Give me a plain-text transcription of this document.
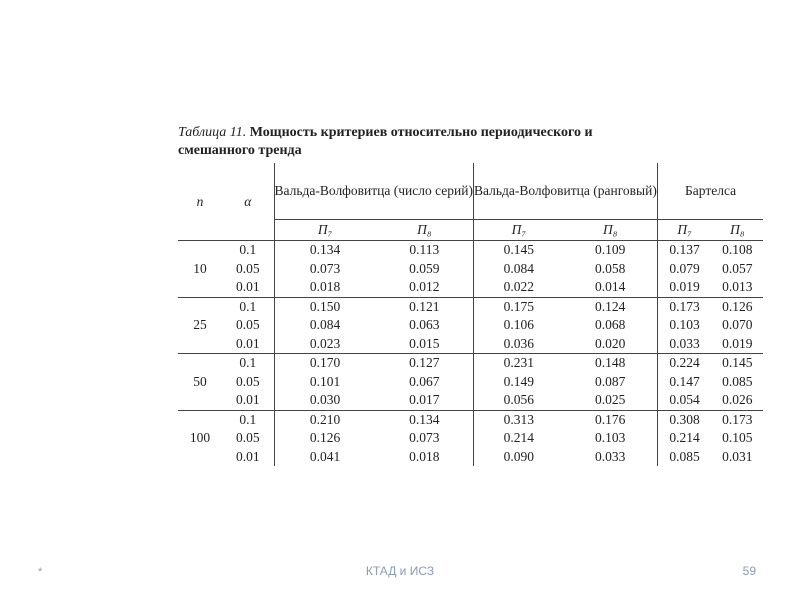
Таблица 11. Мощность критериев относительно периодического и смешанного тренда
n	α	Вальда-Волфовитца (число серий)		Вальда-Волфовитца (ранговый)		Бартелса	
		П₇	П₈	П₇	П₈	П₇	П₈
10	0.1	0.134	0.113	0.145	0.109	0.137	0.108
	0.05	0.073	0.059	0.084	0.058	0.079	0.057
	0.01	0.018	0.012	0.022	0.014	0.019	0.013
25	0.1	0.150	0.121	0.175	0.124	0.173	0.126
	0.05	0.084	0.063	0.106	0.068	0.103	0.070
	0.01	0.023	0.015	0.036	0.020	0.033	0.019
50	0.1	0.170	0.127	0.231	0.148	0.224	0.145
	0.05	0.101	0.067	0.149	0.087	0.147	0.085
	0.01	0.030	0.017	0.056	0.025	0.054	0.026
100	0.1	0.210	0.134	0.313	0.176	0.308	0.173
	0.05	0.126	0.073	0.214	0.103	0.214	0.105
	0.01	0.041	0.018	0.090	0.033	0.085	0.031
*	КТАД и ИСЗ	59
